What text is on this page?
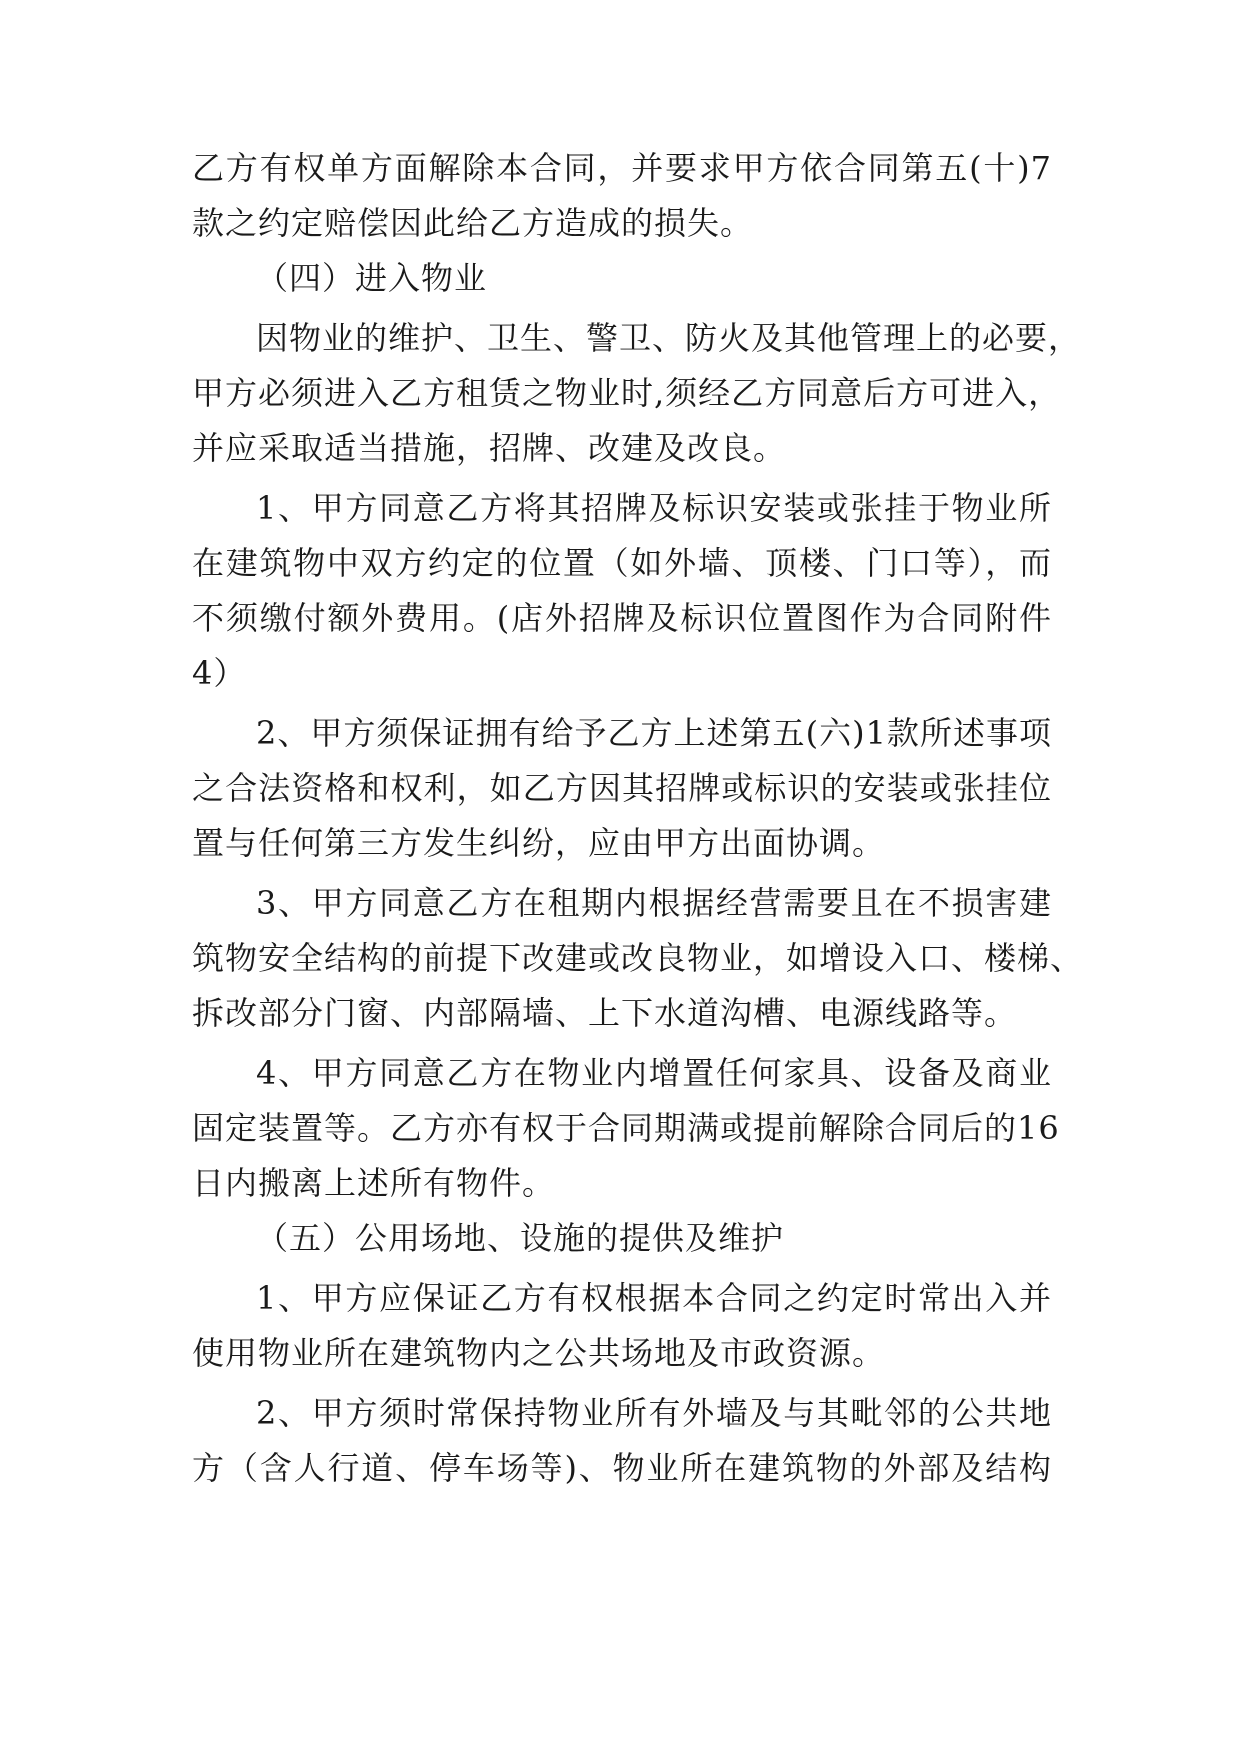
乙方有权单方面解除本合同，并要求甲方依合同第五(十)7
款之约定赔偿因此给乙方造成的损失。
（四）进入物业
因物业的维护、卫生、警卫、防火及其他管理上的必要，
甲方必须进入乙方租赁之物业时,须经乙方同意后方可进入，
并应采取适当措施，招牌、改建及改良。
1、甲方同意乙方将其招牌及标识安装或张挂于物业所
在建筑物中双方约定的位置（如外墙、顶楼、门口等），而
不须缴付额外费用。(店外招牌及标识位置图作为合同附件
4）
2、甲方须保证拥有给予乙方上述第五(六)1款所述事项
之合法资格和权利，如乙方因其招牌或标识的安装或张挂位
置与任何第三方发生纠纷，应由甲方出面协调。
3、甲方同意乙方在租期内根据经营需要且在不损害建
筑物安全结构的前提下改建或改良物业，如增设入口、楼梯、
拆改部分门窗、内部隔墙、上下水道沟槽、电源线路等。
4、甲方同意乙方在物业内增置任何家具、设备及商业
固定装置等。乙方亦有权于合同期满或提前解除合同后的16
日内搬离上述所有物件。
（五）公用场地、设施的提供及维护
1、甲方应保证乙方有权根据本合同之约定时常出入并
使用物业所在建筑物内之公共场地及市政资源。
2、甲方须时常保持物业所有外墙及与其毗邻的公共地
方（含人行道、停车场等)、物业所在建筑物的外部及结构
